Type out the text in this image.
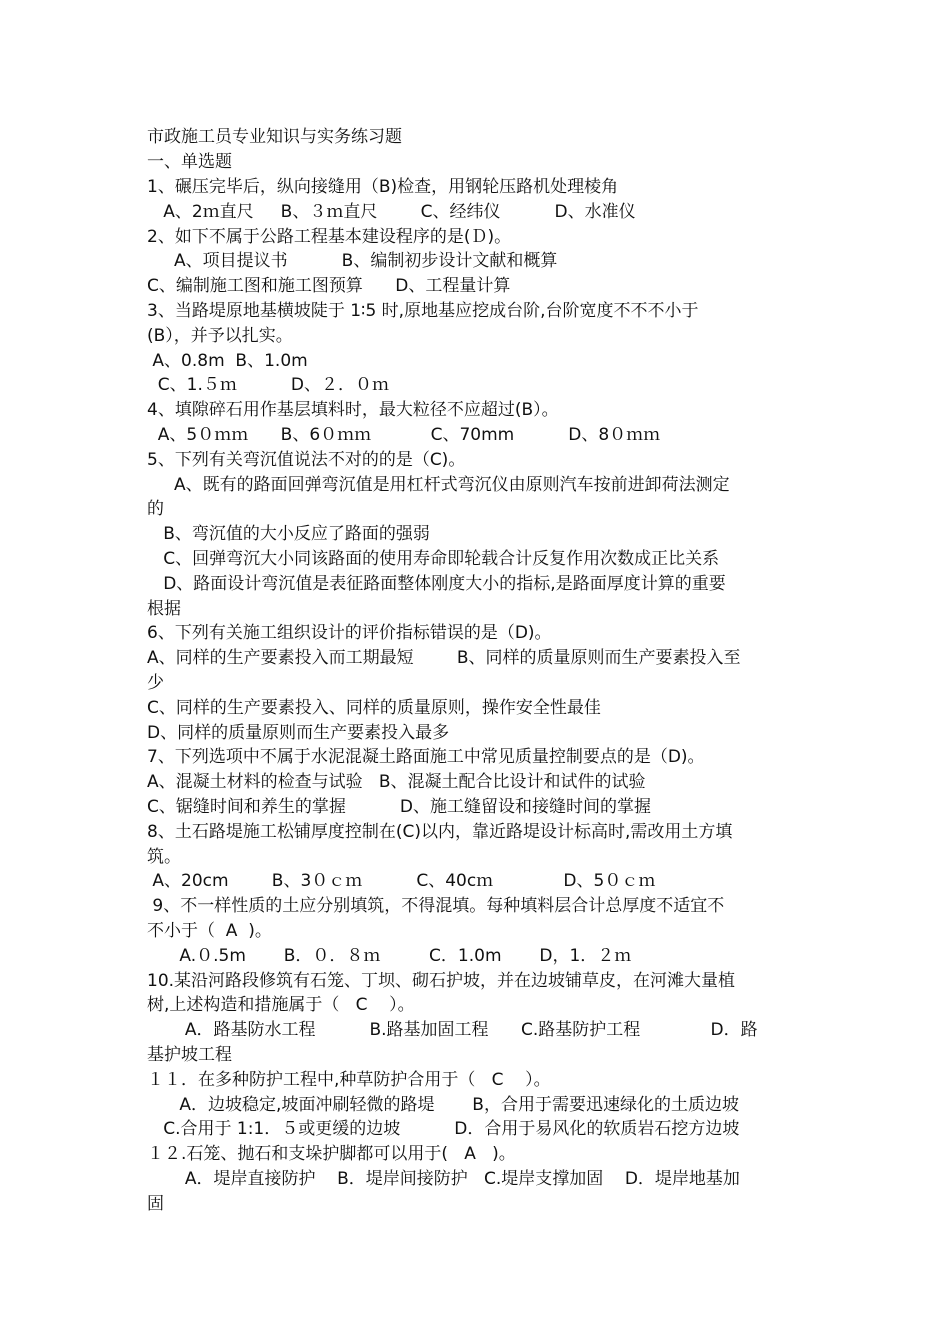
市政施工员专业知识与实务练习题
一、单选题
1、碾压完毕后，纵向接缝用（B)检查，用钢轮压路机处理棱角
A、2ｍ直尺     B、３ｍ直尺        C、经纬仪          D、水准仪
2、如下不属于公路工程基本建设程序的是(Ｄ)。
A、项目提议书          B、编制初步设计文献和概算
C、编制施工图和施工图预算      D、工程量计算
3、当路堤原地基横坡陡于 1∶5 时,原地基应挖成台阶,台阶宽度不不不小于
(B），并予以扎实。
A、0.8m  B、1.0m
C、1.５ｍ          D、２．０ｍ
4、填隙碎石用作基层填料时，最大粒径不应超过(B）。
A、5０ｍｍ      B、6０ｍｍ           C、70mm          D、8０ｍｍ
5、下列有关弯沉值说法不对的的是（C)。
A、既有的路面回弹弯沉值是用杠杆式弯沉仪由原则汽车按前进卸荷法测定
的
B、弯沉值的大小反应了路面的强弱
C、回弹弯沉大小同该路面的使用寿命即轮载合计反复作用次数成正比关系
D、路面设计弯沉值是表征路面整体刚度大小的指标,是路面厚度计算的重要
根据
6、下列有关施工组织设计的评价指标错误的是（D)。
A、同样的生产要素投入而工期最短        B、同样的质量原则而生产要素投入至
少
C、同样的生产要素投入、同样的质量原则，操作安全性最佳
D、同样的质量原则而生产要素投入最多
7、下列选项中不属于水泥混凝土路面施工中常见质量控制要点的是（D)。
A、混凝土材料的检查与试验   B、混凝土配合比设计和试件的试验
C、锯缝时间和养生的掌握          D、施工缝留设和接缝时间的掌握
8、土石路堤施工松铺厚度控制在(C)以内，靠近路堤设计标高时,需改用土方填
筑。
A、20cm        B、3０ｃｍ          C、40cｍ             D、5０ｃｍ
9、不一样性质的土应分别填筑，不得混填。每种填料层合计总厚度不适宜不
不小于（  A  )。
A.０.5m       B．０．８ｍ         C．1.0m       D，1．２ｍ
10.某沿河路段修筑有石笼、丁坝、砌石护坡，并在边坡铺草皮，在河滩大量植
树,上述构造和措施属于（   C    ）。
A．路基防水工程          B.路基加固工程      C.路基防护工程             D．路
基护坡工程
１１．在多种防护工程中,种草防护合用于（   C    ）。
A．边坡稳定,坡面冲刷轻微的路堤       B，合用于需要迅速绿化的土质边坡
C.合用于 1:1．５或更缓的边坡          D．合用于易风化的软质岩石挖方边坡
１２.石笼、抛石和支垛护脚都可以用于(   A   )。
A．堤岸直接防护    B．堤岸间接防护   C.堤岸支撑加固    D．堤岸地基加
固
